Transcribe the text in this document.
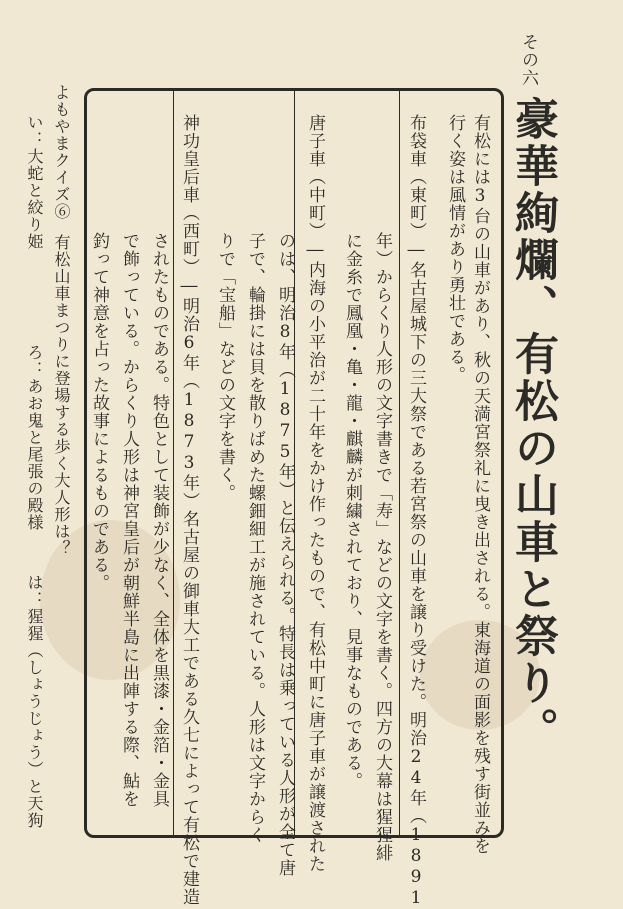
その六
豪華絢爛、有松の山車と祭り。
有松には3台の山車があり、秋の天満宮祭礼に曳き出される。東海道の面影を残す街並みを
行く姿は風情があり勇壮である。
布袋車（東町）―名古屋城下の三大祭である若宮祭の山車を譲り受けた。明治24年（1891
年）からくり人形の文字書きで「寿」などの文字を書く。四方の大幕は猩猩緋
に金糸で鳳凰・亀・龍・麒麟が刺繍されており、見事なものである。
唐子車（中町）―内海の小平治が二十年をかけ作ったもので、有松中町に唐子車が譲渡された
のは、明治8年（1875年）と伝えられる。特長は乗っている人形が全て唐
子で、輪掛には貝を散りばめた螺鈿細工が施されている。人形は文字からく
りで「宝船」などの文字を書く。
神功皇后車（西町）―明治6年（1873年）名古屋の御車大工である久七によって有松で建造
されたものである。特色として装飾が少なく、全体を黒漆・金箔・金具
で飾っている。からくり人形は神宮皇后が朝鮮半島に出陣する際、鮎を
釣って神意を占った故事によるものである。
よもやまクイズ⑥
有松山車まつりに登場する歩く大人形は？
い：大蛇と絞り姫
ろ：あお鬼と尾張の殿様
は：猩猩（しょうじょう）と天狗
